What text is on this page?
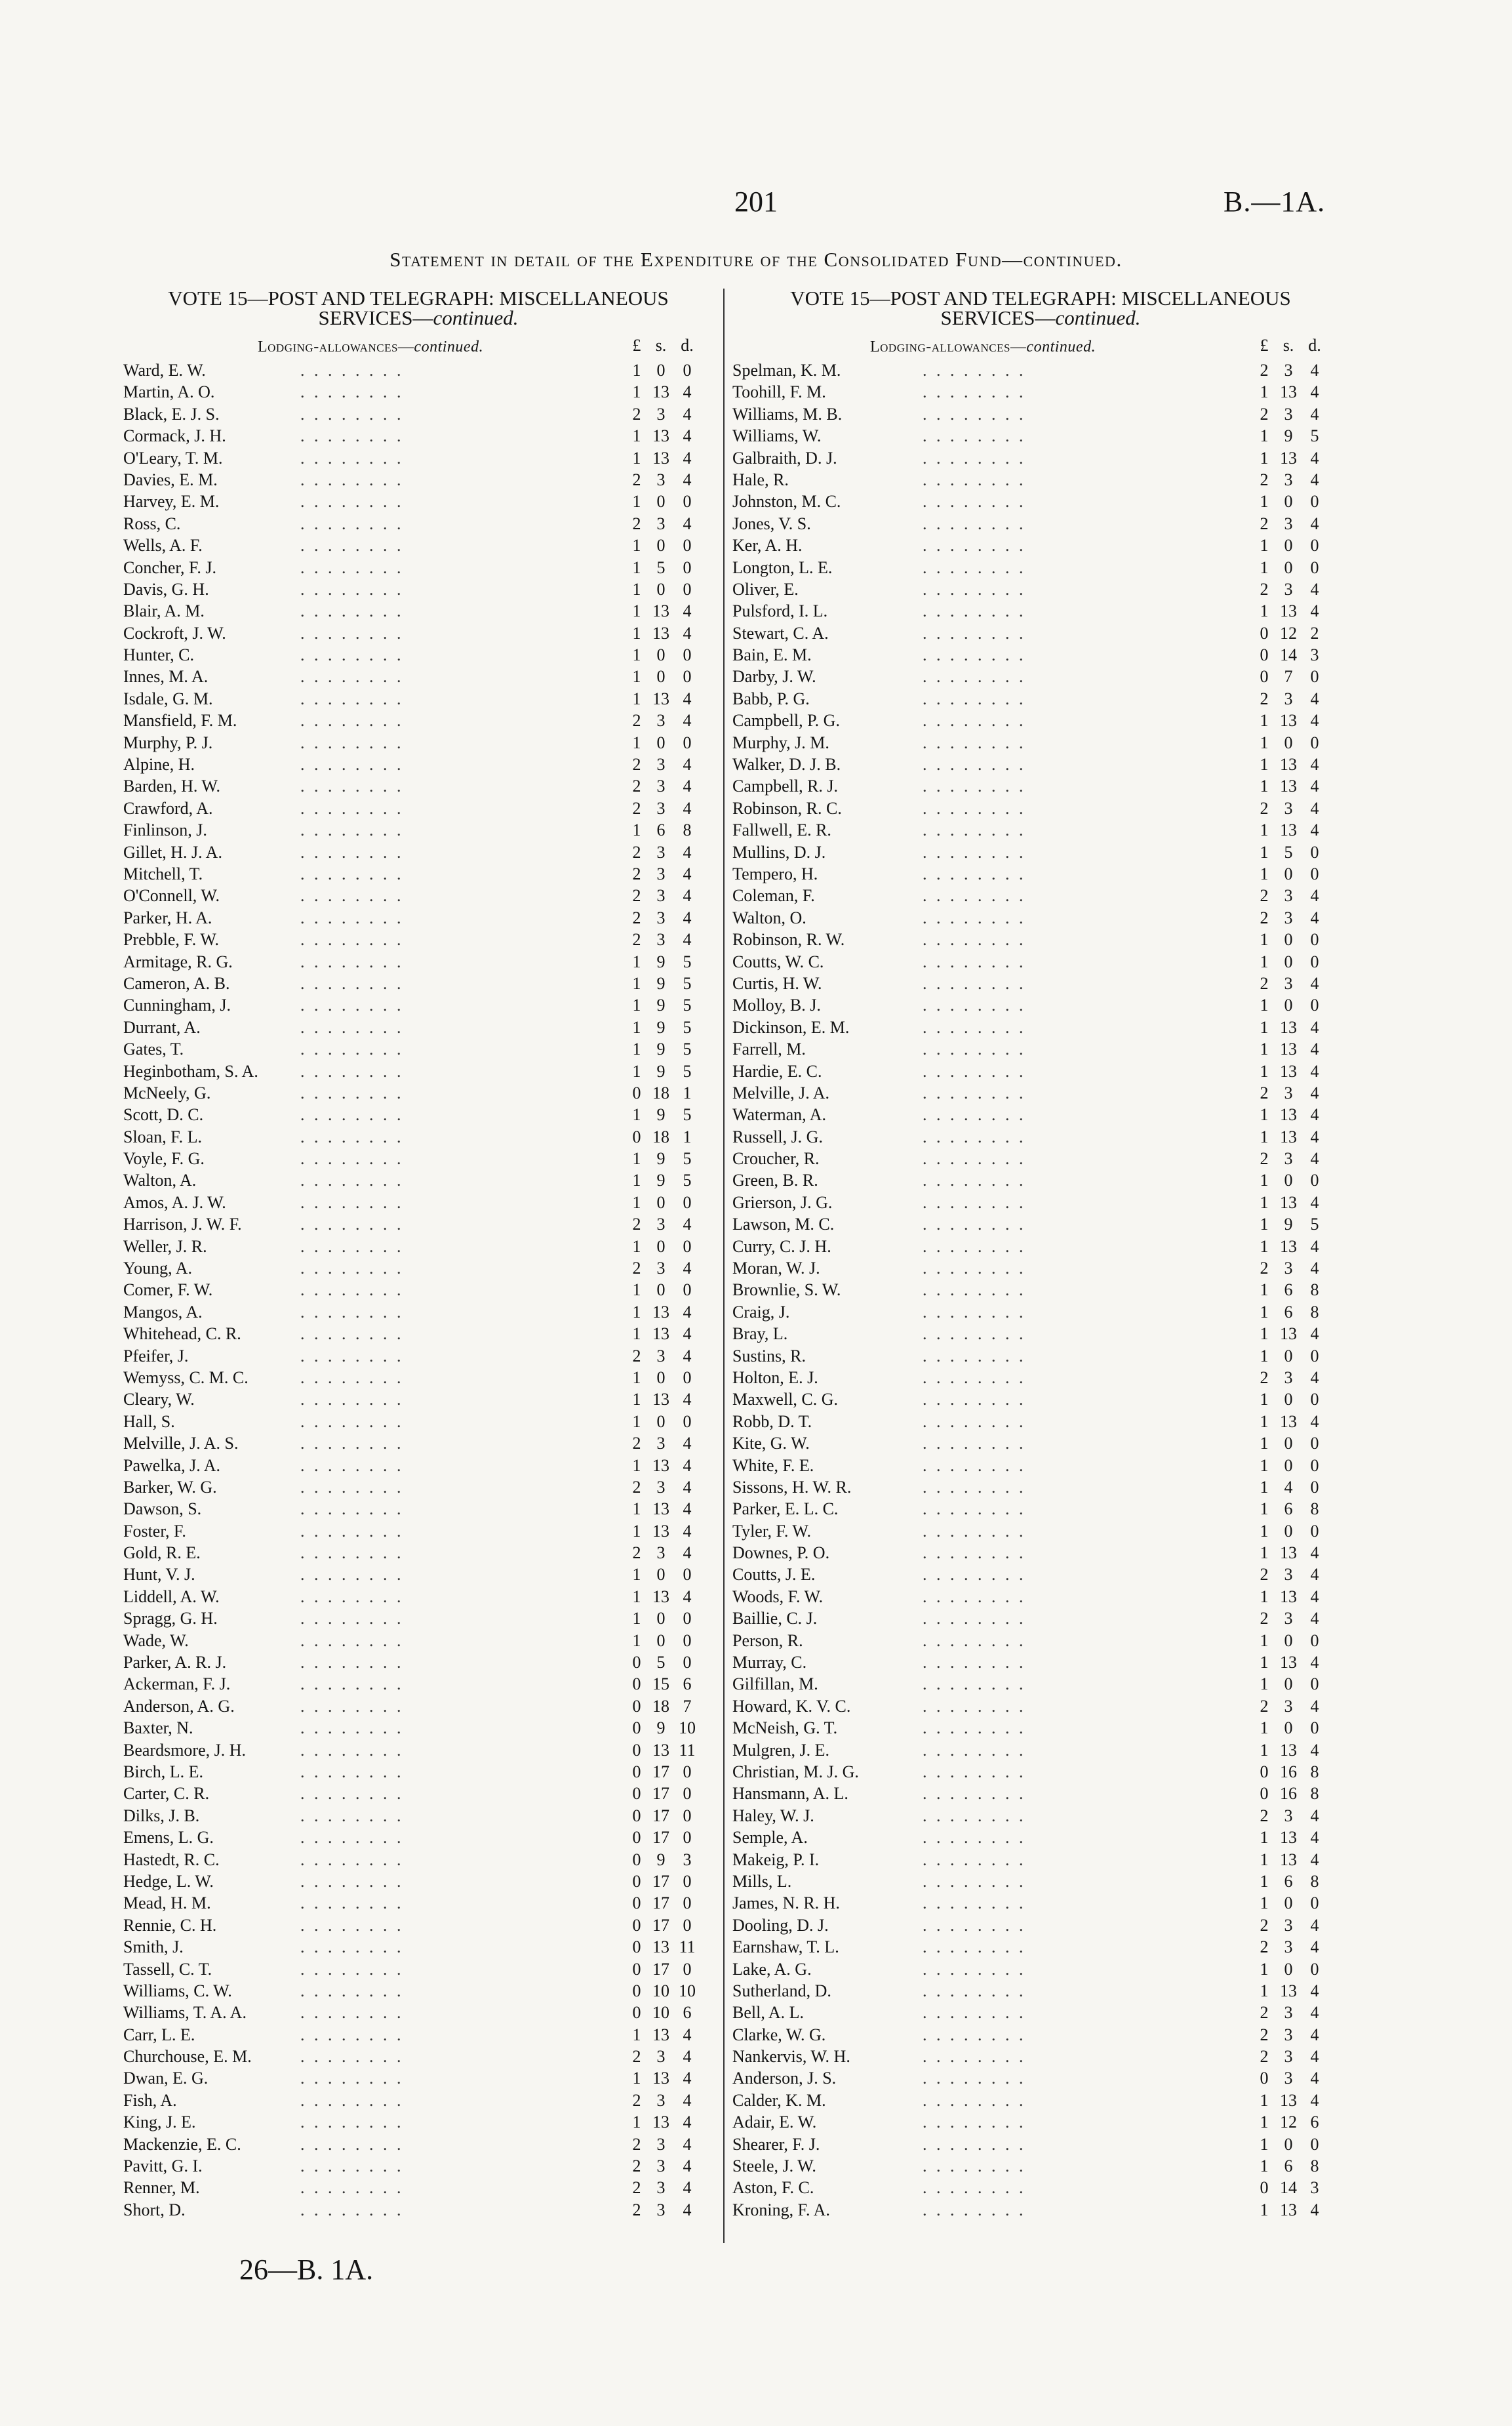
201	B.—1A.
Statement in detail of the Expenditure of the Consolidated Fund—continued.
VOTE 15—POST AND TELEGRAPH: MISCELLANEOUS
SERVICES—continued.
Lodging-allowances—continued.	£ s. d.
Ward, E. W.	. . . . . . . .	1 0	0
Martin, A. O.	. . . . . . . .	1 13 4
Black, E. J. S.	. . . . . . . .	2 3	4
Cormack, J. H.	. . . . . . . .	1 13 4
O'Leary, T. M.	. . . . . . . .	1 13 4
Davies, E. M.	. . . . . . . .	2 3	4
Harvey, E. M.	. . . . . . . .	1 0	0
Ross, C.	. . . . . . . .	2 3	4
Wells, A. F.	. . . . . . . .	1 0	0
Concher, F. J.	. . . . . . . .	1 5	0
Davis, G. H.	. . . . . . . .	1 0	0
Blair, A. M.	. . . . . . . .	1 13 4
Cockroft, J. W.	. . . . . . . .	1 13 4
Hunter, C.	. . . . . . . .	1 0	0
Innes, M. A.	. . . . . . . .	1 0	0
Isdale, G. M.	. . . . . . . .	1 13 4
Mansfield, F. M.	. . . . . . . .	2 3	4
Murphy, P. J.	. . . . . . . .	1 0	0
Alpine, H.	. . . . . . . .	2 3	4
Barden, H. W.	. . . . . . . .	2 3	4
Crawford, A.	. . . . . . . .	2 3	4
Finlinson, J.	. . . . . . . .	1 6	8
Gillet, H. J. A.	. . . . . . . .	2 3	4
Mitchell, T.	. . . . . . . .	2 3	4
O'Connell, W.	. . . . . . . .	2 3	4
Parker, H. A.	. . . . . . . .	2 3	4
Prebble, F. W.	. . . . . . . .	2 3	4
Armitage, R. G.	. . . . . . . .	1 9	5
Cameron, A. B.	. . . . . . . .	1 9	5
Cunningham, J.	. . . . . . . .	1 9	5
Durrant, A.	. . . . . . . .	1 9	5
Gates, T.	. . . . . . . .	1 9	5
Heginbotham, S. A. . . . . . . . .	1 9	5
McNeely, G.	. . . . . . . .	0 18 1
Scott, D. C.	. . . . . . . .	1 9	5
Sloan, F. L.	. . . . . . . .	0 18 1
Voyle, F. G.	. . . . . . . .	1 9	5
Walton, A.	. . . . . . . .	1 9	5
Amos, A. J. W.	. . . . . . . .	1 0	0
Harrison, J. W. F.	. . . . . . . .	2 3	4
Weller, J. R.	. . . . . . . .	1 0	0
Young, A.	. . . . . . . .	2 3	4
Comer, F. W.	. . . . . . . .	1 0	0
Mangos, A.	. . . . . . . .	1 13 4
Whitehead, C. R.	. . . . . . . .	1 13 4
Pfeifer, J.	. . . . . . . .	2 3	4
Wemyss, C. M. C.	. . . . . . . .	1 0	0
Cleary, W.	. . . . . . . .	1 13 4
Hall, S.	. . . . . . . .	1 0	0
Melville, J. A. S.	. . . . . . . .	2 3	4
Pawelka, J. A.	. . . . . . . .	1 13 4
Barker, W. G.	. . . . . . . .	2 3	4
Dawson, S.	. . . . . . . .	1 13 4
Foster, F.	. . . . . . . .	1 13 4
Gold, R. E.	. . . . . . . .	2 3	4
Hunt, V. J.	. . . . . . . .	1 0	0
Liddell, A. W.	. . . . . . . .	1 13 4
Spragg, G. H.	. . . . . . . .	1 0	0
Wade, W.	. . . . . . . .	1 0	0
Parker, A. R. J.	. . . . . . . .	0 5	0
Ackerman, F. J.	. . . . . . . .	0 15 6
Anderson, A. G.	. . . . . . . .	0 18 7
Baxter, N.	. . . . . . . .	0 9 10
Beardsmore, J. H.	. . . . . . . .	0 13 11
Birch, L. E.	. . . . . . . .	0 17 0
Carter, C. R.	. . . . . . . .	0 17 0
Dilks, J. B.	. . . . . . . .	0 17 0
Emens, L. G.	. . . . . . . .	0 17 0
Hastedt, R. C.	. . . . . . . .	0 9	3
Hedge, L. W.	. . . . . . . .	0 17 0
Mead, H. M.	. . . . . . . .	0 17 0
Rennie, C. H.	. . . . . . . .	0 17 0
Smith, J.	. . . . . . . .	0 13 11
Tassell, C. T.	. . . . . . . .	0 17 0
Williams, C. W.	. . . . . . . .	0 10 10
Williams, T. A. A.	. . . . . . . .	0 10 6
Carr, L. E.	. . . . . . . .	1 13 4
Churchouse, E. M.	. . . . . . . .	2 3	4
Dwan, E. G.	. . . . . . . .	1 13 4
Fish, A.	. . . . . . . .	2 3	4
King, J. E.	. . . . . . . .	1 13 4
Mackenzie, E. C.	. . . . . . . .	2 3	4
Pavitt, G. I.	. . . . . . . .	2 3	4
Renner, M.	. . . . . . . .	2 3	4
Short, D.	. . . . . . . .	2 3	4
VOTE 15—POST AND TELEGRAPH: MISCELLANEOUS
SERVICES—continued.
Lodging-allowances—continued.	£ s. d.
Spelman, K. M.	. . . . . . . .	2 3	4
Toohill, F. M.	. . . . . . . .	1 13 4
Williams, M. B.	. . . . . . . .	2 3	4
Williams, W.	. . . . . . . .	1 9	5
Galbraith, D. J.	. . . . . . . .	1 13 4
Hale, R.	. . . . . . . .	2 3	4
Johnston, M. C.	. . . . . . . .	1 0	0
Jones, V. S.	. . . . . . . .	2 3	4
Ker, A. H.	. . . . . . . .	1 0	0
Longton, L. E.	. . . . . . . .	1 0	0
Oliver, E.	. . . . . . . .	2 3	4
Pulsford, I. L.	. . . . . . . .	1 13 4
Stewart, C. A.	. . . . . . . .	0 12 2
Bain, E. M.	. . . . . . . .	0 14 3
Darby, J. W.	. . . . . . . .	0 7	0
Babb, P. G.	. . . . . . . .	2 3	4
Campbell, P. G.	. . . . . . . .	1 13 4
Murphy, J. M.	. . . . . . . .	1 0	0
Walker, D. J. B.	. . . . . . . .	1 13 4
Campbell, R. J.	. . . . . . . .	1 13 4
Robinson, R. C.	. . . . . . . .	2 3	4
Fallwell, E. R.	. . . . . . . .	1 13 4
Mullins, D. J.	. . . . . . . .	1 5	0
Tempero, H.	. . . . . . . .	1 0	0
Coleman, F.	. . . . . . . .	2 3	4
Walton, O.	. . . . . . . .	2 3	4
Robinson, R. W.	. . . . . . . .	1 0	0
Coutts, W. C.	. . . . . . . .	1 0	0
Curtis, H. W.	. . . . . . . .	2 3	4
Molloy, B. J.	. . . . . . . .	1 0	0
Dickinson, E. M.	. . . . . . . .	1 13 4
Farrell, M.	. . . . . . . .	1 13 4
Hardie, E. C.	. . . . . . . .	1 13 4
Melville, J. A.	. . . . . . . .	2 3	4
Waterman, A.	. . . . . . . .	1 13 4
Russell, J. G.	. . . . . . . .	1 13 4
Croucher, R.	. . . . . . . .	2 3	4
Green, B. R.	. . . . . . . .	1 0	0
Grierson, J. G.	. . . . . . . .	1 13 4
Lawson, M. C.	. . . . . . . .	1 9	5
Curry, C. J. H.	. . . . . . . .	1 13 4
Moran, W. J.	. . . . . . . .	2 3	4
Brownlie, S. W.	. . . . . . . .	1 6	8
Craig, J.	. . . . . . . .	1 6	8
Bray, L.	. . . . . . . .	1 13 4
Sustins, R.	. . . . . . . .	1 0	0
Holton, E. J.	. . . . . . . .	2 3	4
Maxwell, C. G.	. . . . . . . .	1 0	0
Robb, D. T.	. . . . . . . .	1 13 4
Kite, G. W.	. . . . . . . .	1 0	0
White, F. E.	. . . . . . . .	1 0	0
Sissons, H. W. R.	. . . . . . . .	1 4	0
Parker, E. L. C.	. . . . . . . .	1 6	8
Tyler, F. W.	. . . . . . . .	1 0	0
Downes, P. O.	. . . . . . . .	1 13 4
Coutts, J. E.	. . . . . . . .	2 3	4
Woods, F. W.	. . . . . . . .	1 13 4
Baillie, C. J.	. . . . . . . .	2 3	4
Person, R.	. . . . . . . .	1 0	0
Murray, C.	. . . . . . . .	1 13 4
Gilfillan, M.	. . . . . . . .	1 0	0
Howard, K. V. C.	. . . . . . . .	2 3	4
McNeish, G. T.	. . . . . . . .	1 0	0
Mulgren, J. E.	. . . . . . . .	1 13 4
Christian, M. J. G.	. . . . . . . .	0 16 8
Hansmann, A. L.	. . . . . . . .	0 16 8
Haley, W. J.	. . . . . . . .	2 3	4
Semple, A.	. . . . . . . .	1 13 4
Makeig, P. I.	. . . . . . . .	1 13 4
Mills, L.	. . . . . . . .	1 6	8
James, N. R. H.	. . . . . . . .	1 0	0
Dooling, D. J.	. . . . . . . .	2 3	4
Earnshaw, T. L.	. . . . . . . .	2 3	4
Lake, A. G.	. . . . . . . .	1 0	0
Sutherland, D.	. . . . . . . .	1 13 4
Bell, A. L.	. . . . . . . .	2 3	4
Clarke, W. G.	. . . . . . . .	2 3	4
Nankervis, W. H.	. . . . . . . .	2 3	4
Anderson, J. S.	. . . . . . . .	0 3	4
Calder, K. M.	. . . . . . . .	1 13 4
Adair, E. W.	. . . . . . . .	1 12 6
Shearer, F. J.	. . . . . . . .	1 0	0
Steele, J. W.	. . . . . . . .	1 6	8
Aston, F. C.	. . . . . . . .	0 14 3
Kroning, F. A.	. . . . . . . .	1 13 4
26—B. 1A.
